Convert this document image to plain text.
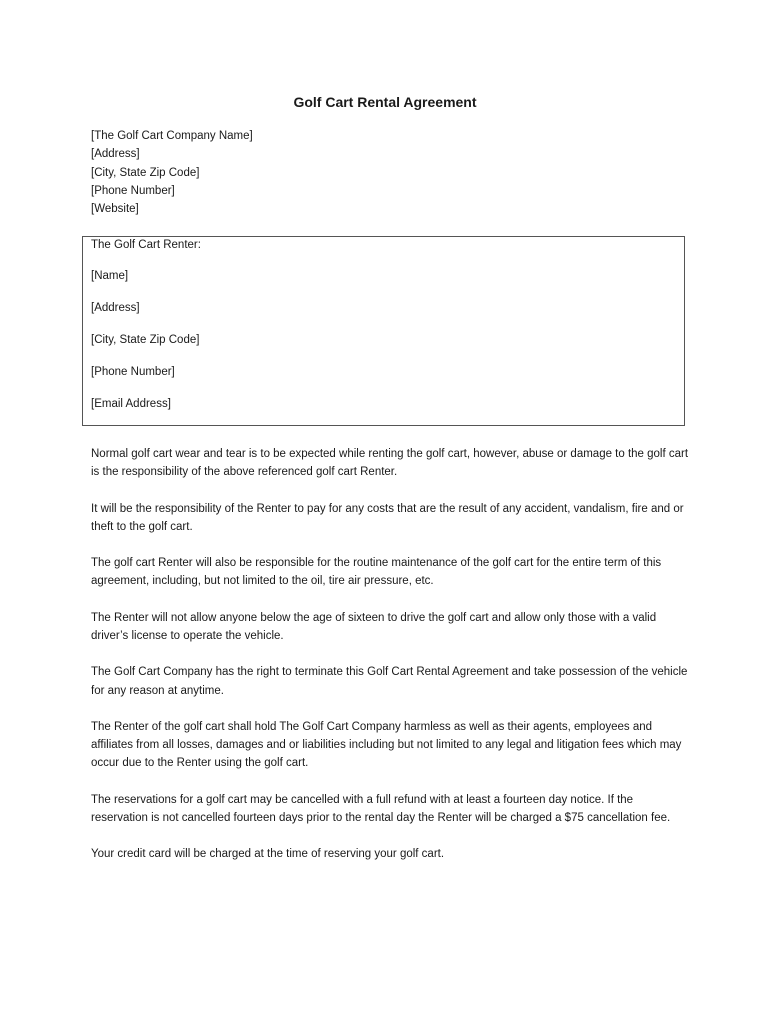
Golf Cart Rental Agreement
[The Golf Cart Company Name]
[Address]
[City, State Zip Code]
[Phone Number]
[Website]
The Golf Cart Renter:
[Name]
[Address]
[City, State Zip Code]
[Phone Number]
[Email Address]

Normal golf cart wear and tear is to be expected while renting the golf cart, however, abuse or damage to the golf cart is the responsibility of the above referenced golf cart Renter.

It will be the responsibility of the Renter to pay for any costs that are the result of any accident, vandalism, fire and or theft to the golf cart.

The golf cart Renter will also be responsible for the routine maintenance of the golf cart for the entire term of this agreement, including, but not limited to the oil, tire air pressure, etc.

The Renter will not allow anyone below the age of sixteen to drive the golf cart and allow only those with a valid driver’s license to operate the vehicle.

The Golf Cart Company has the right to terminate this Golf Cart Rental Agreement and take possession of the vehicle for any reason at anytime.

The Renter of the golf cart shall hold The Golf Cart Company harmless as well as their agents, employees and affiliates from all losses, damages and or liabilities including but not limited to any legal and litigation fees which may occur due to the Renter using the golf cart.

The reservations for a golf cart may be cancelled with a full refund with at least a fourteen day notice. If the reservation is not cancelled fourteen days prior to the rental day the Renter will be charged a $75 cancellation fee.

Your credit card will be charged at the time of reserving your golf cart.
